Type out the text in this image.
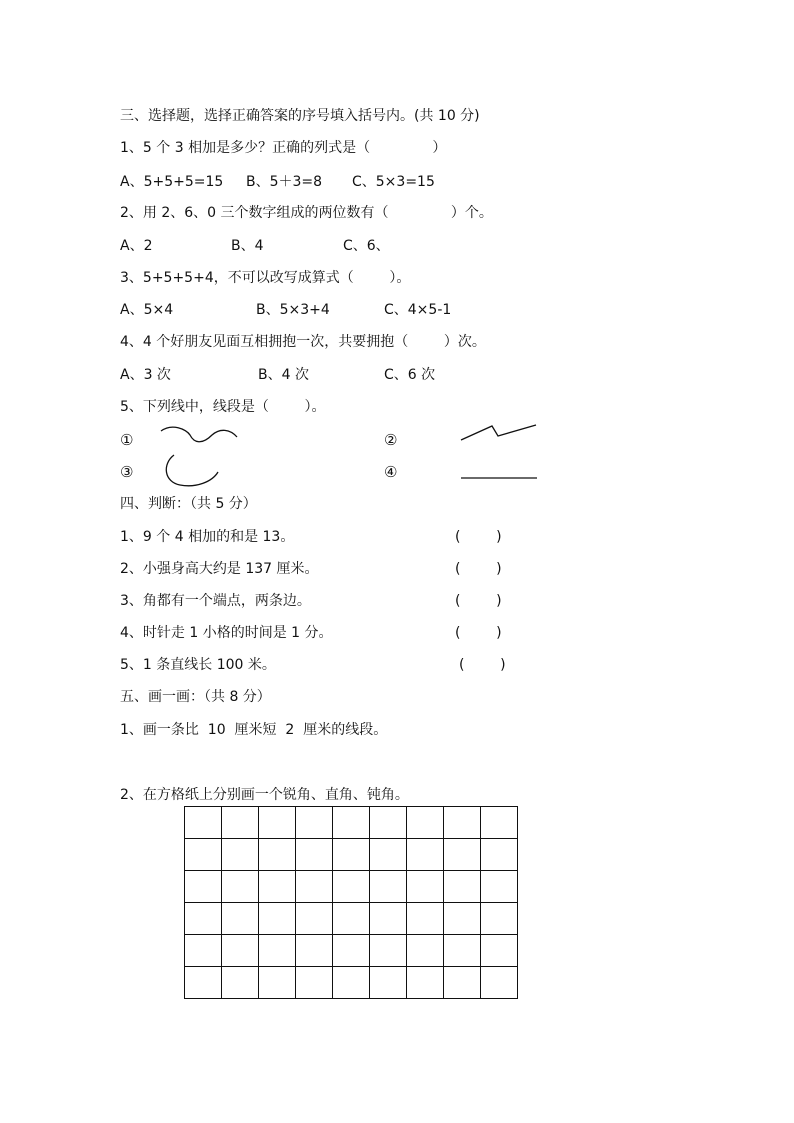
三、选择题，选择正确答案的序号填入括号内。(共 10 分)
1、5 个 3 相加是多少？正确的列式是（              ）
A、5+5+5=15 B、5＋3=8 C、5×3=15
2、用 2、6、0 三个数字组成的两位数有（              ）个。
A、2	B、4	C、6、
3、5+5+5+4，不可以改写成算式（        ）。
A、5×4	B、5×3+4	C、4×5-1
4、4 个好朋友见面互相拥抱一次，共要拥抱（        ）次。
A、3 次	B、4 次	C、6 次
5、下列线中，线段是（        ）。
①	②
③	④
四、判断：（共 5 分）
1、9 个 4 相加的和是 13。	(        )
2、小强身高大约是 137 厘米。	(        )
3、角都有一个端点，两条边。	(        )
4、时针走 1 小格的时间是 1 分。	(        )
5、1 条直线长 100 米。	(        )
五、画一画：（共 8 分）
1、画一条比  10  厘米短  2  厘米的线段。
2、在方格纸上分别画一个锐角、直角、钝角。
